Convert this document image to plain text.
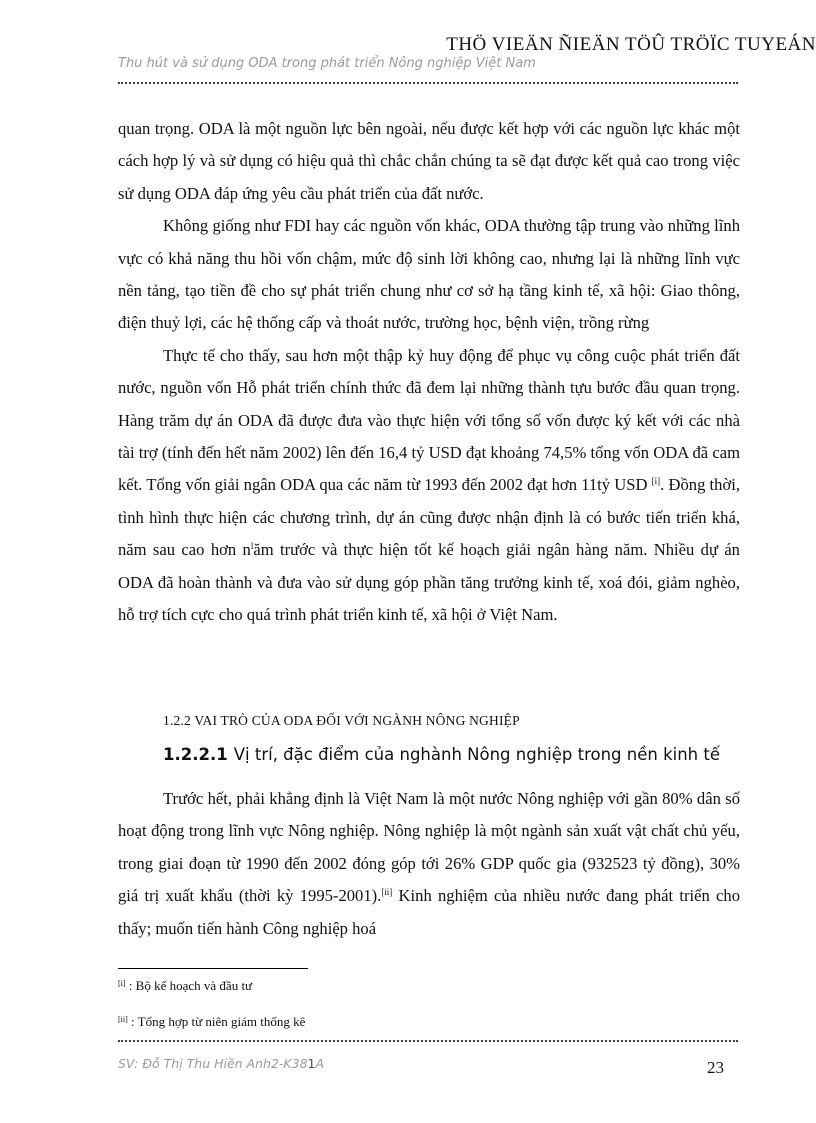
THÖ VIEÄN ÑIEÄN TÖÛ TRÖÏC TUYEÁN
Thu hút và sử dụng ODA trong phát triển Nông nghiệp Việt Nam

quan trọng. ODA là một nguồn lực bên ngoài, nếu được kết hợp với các nguồn lực khác một cách hợp lý và sử dụng có hiệu quả thì chắc chắn chúng ta sẽ đạt được kết quả cao trong việc sử dụng ODA đáp ứng yêu cầu phát triển của đất nước.

Không giống như FDI hay các nguồn vốn khác, ODA thường tập trung vào những lĩnh vực có khả năng thu hồi vốn chậm, mức độ sinh lời không cao, nhưng lại là những lĩnh vực nền tảng, tạo tiền đề cho sự phát triển chung như cơ sở hạ tầng kinh tế, xã hội: Giao thông, điện thuỷ lợi, các hệ thống cấp và thoát nước, trường học, bệnh viện, trồng rừng

Thực tế cho thấy, sau hơn một thập kỷ huy động để phục vụ công cuộc phát triển đất nước, nguồn vốn Hỗ phát triển chính thức đã đem lại những thành tựu bước đầu quan trọng. Hàng trăm dự án ODA đã được đưa vào thực hiện với tổng số vốn được ký kết với các nhà tài trợ (tính đến hết năm 2002) lên đến 16,4 tỷ USD đạt khoảng 74,5% tổng vốn ODA đã cam kết. Tổng vốn giải ngân ODA qua các năm từ 1993 đến 2002 đạt hơn 11tỷ USD [i]. Đồng thời, tình hình thực hiện các chương trình, dự án cũng được nhận định là có bước tiến triển khá, năm sau cao hơn $n^lăm$ trước và thực hiện tốt kế hoạch giải ngân hàng năm. Nhiều dự án ODA đã hoàn thành và đưa vào sử dụng góp phần tăng trưởng kinh tế, xoá đói, giảm nghèo, hỗ trợ tích cực cho quá trình phát triển kinh tế, xã hội ở Việt Nam.

1.2.2 VAI TRÒ CỦA ODA ĐỐI VỚI NGÀNH NÔNG NGHIỆP
1.2.2.1 Vị trí, đặc điểm của nghành Nông nghiệp trong nền kinh tế

Trước hết, phải khẳng định là Việt Nam là một nước Nông nghiệp với gần 80% dân số hoạt động trong lĩnh vực Nông nghiệp. Nông nghiệp là một ngành sản xuất vật chất chủ yếu, trong giai đoạn từ 1990 đến 2002 đóng góp tới 26% GDP quốc gia (932523 tỷ đồng), 30% giá trị xuất khẩu (thời kỳ 1995-2001).[ii] Kinh nghiệm của nhiều nước đang phát triển cho thấy; muốn tiến hành Công nghiệp hoá

[i] : Bộ kế hoạch và đầu tư
[ii] : Tổng hợp từ niên giám thống kê
SV: Đỗ Thị Thu Hiền Anh2-K381A	23
